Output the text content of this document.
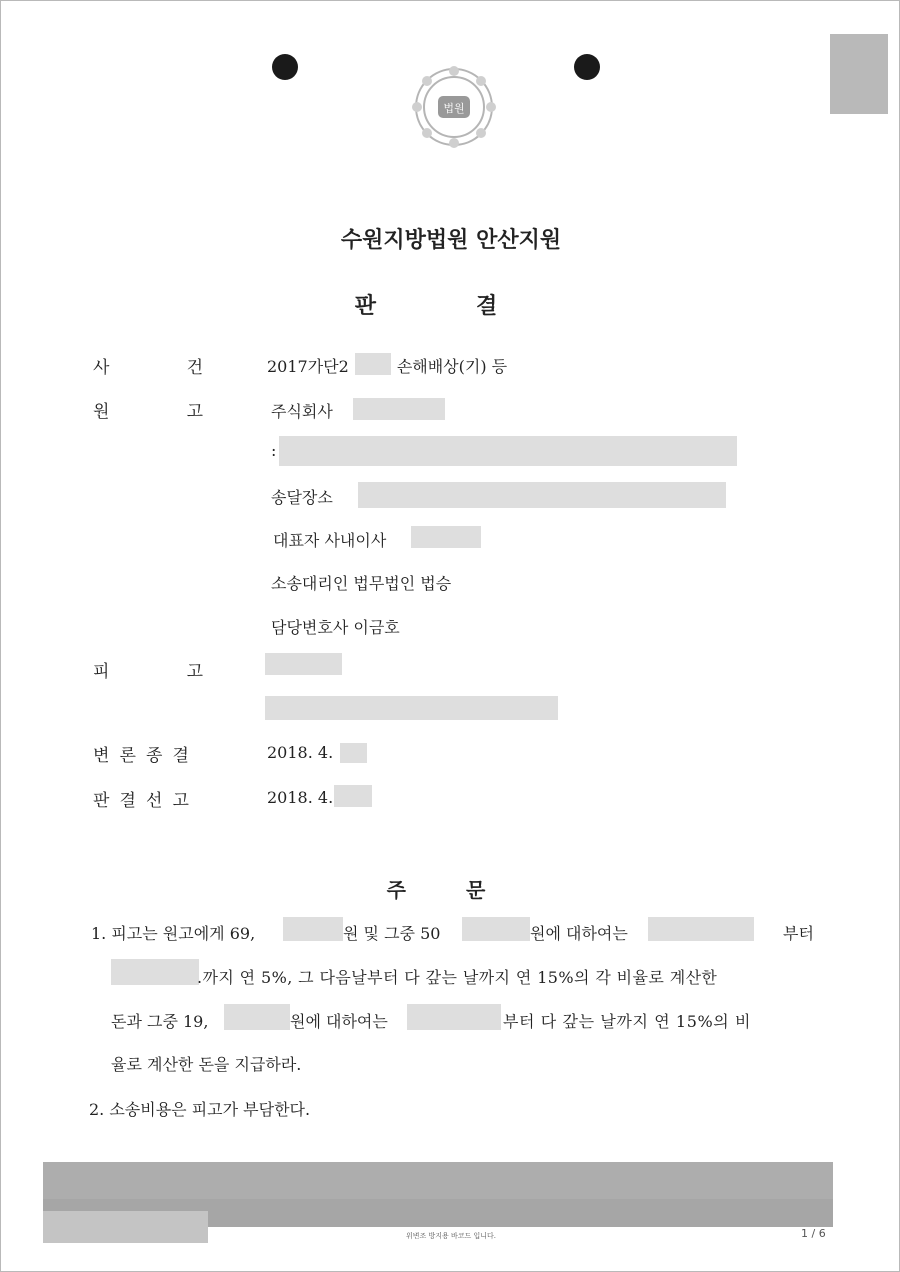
법원
수원지방법원 안산지원
판결
사	건	2017가단2	손해배상(기) 등
원	고	주식회사
:
송달장소
대표자 사내이사
소송대리인 법무법인 법승
담당변호사 이금호
피	고
변 론 종 결	2018. 4.
판 결 선 고	2018. 4.
주문
1. 피고는 원고에게 69,	원 및 그중 50	원에 대하여는	부터
.까지 연 5%, 그 다음날부터 다 갚는 날까지 연 15%의 각 비율로 계산한
돈과 그중 19,	원에 대하여는	부터 다 갚는 날까지 연 15%의 비
율로 계산한 돈을 지급하라.
2. 소송비용은 피고가 부담한다.
위변조 방지용 바코드 입니다.	1 / 6
